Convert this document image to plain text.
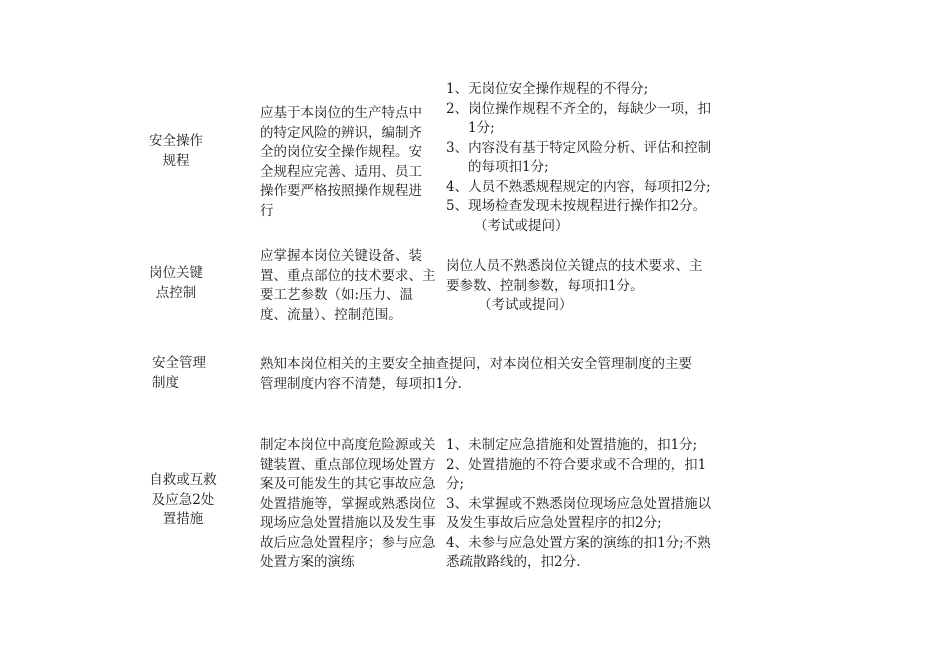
安全操作规程
应基于本岗位的生产特点中的特定风险的辨识，编制齐全的岗位安全操作规程。安全规程应完善、适用、员工操作要严格按照操作规程进行
1、无岗位安全操作规程的不得分;
2、岗位操作规程不齐全的，每缺少一项，扣1分;
3、内容没有基于特定风险分析、评估和控制的每项扣1分;
4、人员不熟悉规程规定的内容，每项扣2分;
5、现场检查发现未按规程进行操作扣2分。
（考试或提问）
岗位关键点控制
应掌握本岗位关键设备、装置、重点部位的技术要求、主要工艺参数（如:压力、温度、流量）、控制范围。
岗位人员不熟悉岗位关键点的技术要求、主要参数、控制参数，每项扣1分。
（考试或提问）
安全管理制度
熟知本岗位相关的主要安全抽查提问，对本岗位相关安全管理制度的主要管理制度内容不清楚，每项扣1分.
自救或互救及应急2处置措施
制定本岗位中高度危险源或关键装置、重点部位现场处置方案及可能发生的其它事故应急处置措施等，掌握或熟悉岗位现场应急处置措施以及发生事故后应急处置程序；参与应急处置方案的演练
1、未制定应急措施和处置措施的，扣1分;
2、处置措施的不符合要求或不合理的，扣1分;
3、未掌握或不熟悉岗位现场应急处置措施以及发生事故后应急处置程序的扣2分;
4、未参与应急处置方案的演练的扣1分;不熟悉疏散路线的，扣2分.
